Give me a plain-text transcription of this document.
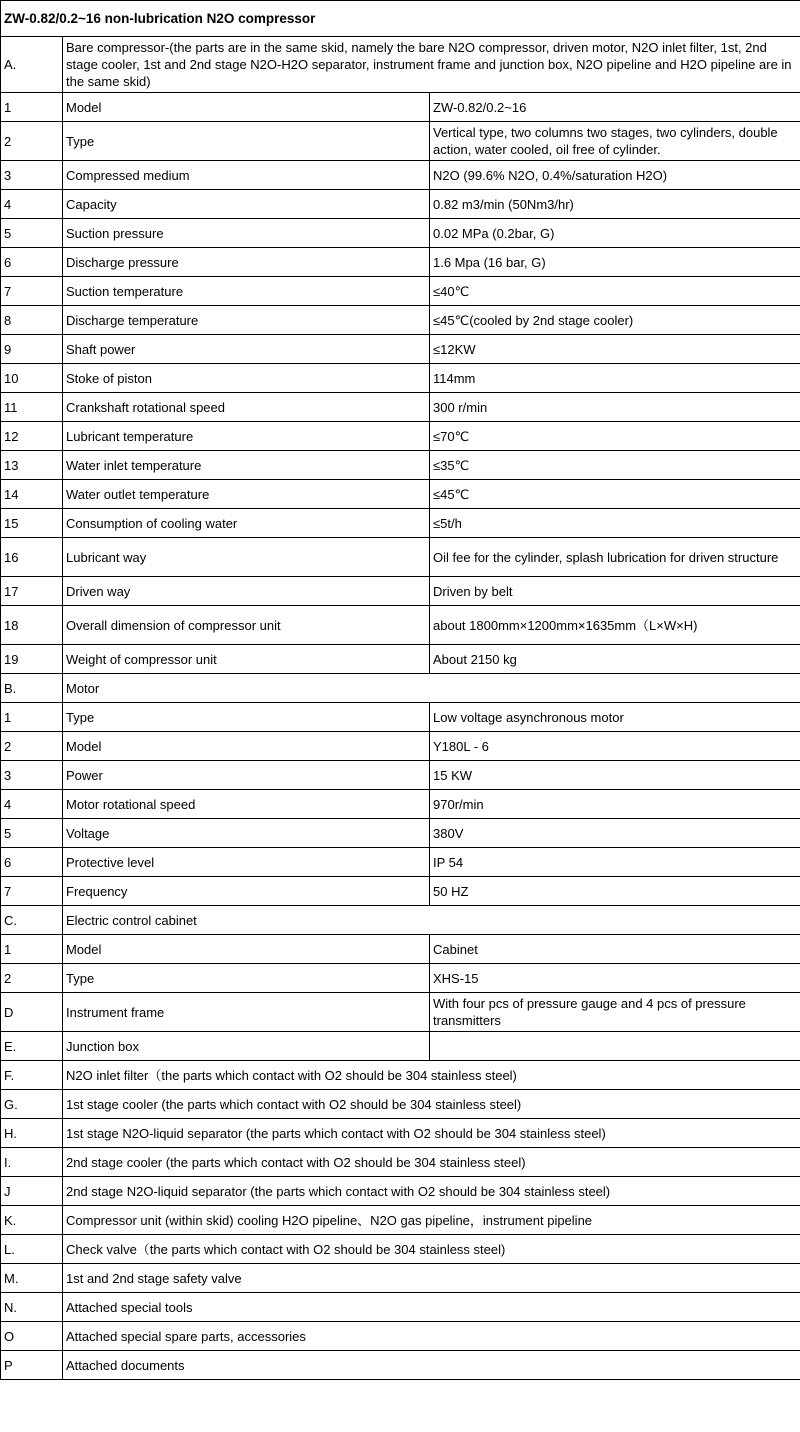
ZW-0.82/0.2~16 non-lubrication N2O compressor		
A.	Bare compressor-(the parts are in the same skid, namely the bare N2O compressor, driven motor, N2O inlet filter, 1st, 2nd stage cooler, 1st and 2nd stage N2O-H2O separator, instrument frame and junction box, N2O pipeline and H2O pipeline are in the same skid)	
1	Model	ZW-0.82/0.2~16
2	Type	Vertical type, two columns two stages, two cylinders, double action, water cooled, oil free of cylinder.
3	Compressed medium	N2O (99.6% N2O, 0.4%/saturation H2O)
4	Capacity	0.82 m3/min (50Nm3/hr)
5	Suction pressure	0.02 MPa (0.2bar, G)
6	Discharge pressure	1.6 Mpa (16 bar, G)
7	Suction temperature	≤40℃
8	Discharge temperature	≤45℃(cooled by 2nd stage cooler)
9	Shaft power	≤12KW
10	Stoke of piston	114mm
11	Crankshaft rotational speed	300 r/min
12	Lubricant temperature	≤70℃
13	Water inlet temperature	≤35℃
14	Water outlet temperature	≤45℃
15	Consumption of cooling water	≤5t/h
16	Lubricant way	Oil fee for the cylinder, splash lubrication for driven structure
17	Driven way	Driven by belt
18	Overall dimension of compressor unit	about 1800mm×1200mm×1635mm（L×W×H)
19	Weight of compressor unit	About 2150 kg
B.	Motor	
1	Type	Low voltage asynchronous motor
2	Model	Y180L - 6
3	Power	15 KW
4	Motor rotational speed	970r/min
5	Voltage	380V
6	Protective level	IP 54
7	Frequency	50 HZ
C.	Electric control cabinet	
1	Model	Cabinet
2	Type	XHS-15
D	Instrument frame	With four pcs of pressure gauge and 4 pcs of pressure transmitters
E.	Junction box	
F.	N2O inlet filter（the parts which contact with O2 should be 304 stainless steel)	
G.	1st stage cooler (the parts which contact with O2 should be 304 stainless steel)	
H.	1st stage N2O-liquid separator (the parts which contact with O2 should be 304 stainless steel)	
I.	2nd stage cooler (the parts which contact with O2 should be 304 stainless steel)	
J	2nd stage N2O-liquid separator (the parts which contact with O2 should be 304 stainless steel)	
K.	Compressor unit (within skid) cooling H2O pipeline、N2O gas pipeline，instrument pipeline	
L.	Check valve（the parts which contact with O2 should be 304 stainless steel)	
M.	1st and 2nd stage safety valve	
N.	Attached special tools	
O	Attached special spare parts, accessories	
P	Attached documents	
